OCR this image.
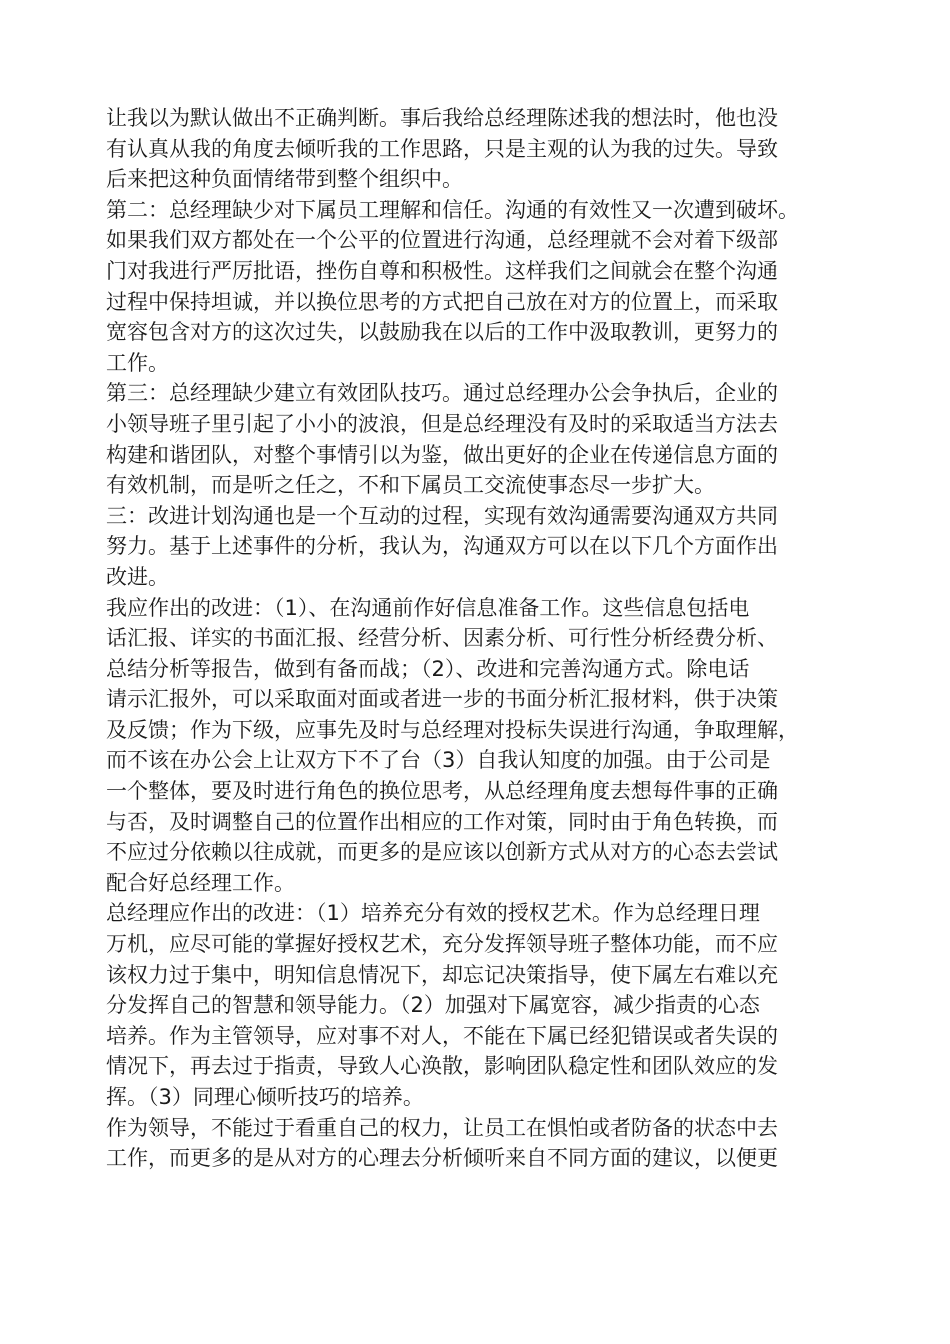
让我以为默认做出不正确判断。事后我给总经理陈述我的想法时，他也没
有认真从我的角度去倾听我的工作思路，只是主观的认为我的过失。导致
后来把这种负面情绪带到整个组织中。
第二：总经理缺少对下属员工理解和信任。沟通的有效性又一次遭到破坏。
如果我们双方都处在一个公平的位置进行沟通，总经理就不会对着下级部
门对我进行严厉批语，挫伤自尊和积极性。这样我们之间就会在整个沟通
过程中保持坦诚，并以换位思考的方式把自己放在对方的位置上，而采取
宽容包含对方的这次过失，以鼓励我在以后的工作中汲取教训，更努力的
工作。
第三：总经理缺少建立有效团队技巧。通过总经理办公会争执后，企业的
小领导班子里引起了小小的波浪，但是总经理没有及时的采取适当方法去
构建和谐团队，对整个事情引以为鉴，做出更好的企业在传递信息方面的
有效机制，而是听之任之，不和下属员工交流使事态尽一步扩大。
三：改进计划沟通也是一个互动的过程，实现有效沟通需要沟通双方共同
努力。基于上述事件的分析，我认为，沟通双方可以在以下几个方面作出
改进。
我应作出的改进：（1）、在沟通前作好信息准备工作。这些信息包括电
话汇报、详实的书面汇报、经营分析、因素分析、可行性分析经费分析、
总结分析等报告，做到有备而战；（2）、改进和完善沟通方式。除电话
请示汇报外，可以采取面对面或者进一步的书面分析汇报材料，供于决策
及反馈；作为下级，应事先及时与总经理对投标失误进行沟通，争取理解，
而不该在办公会上让双方下不了台（3）自我认知度的加强。由于公司是
一个整体，要及时进行角色的换位思考，从总经理角度去想每件事的正确
与否，及时调整自己的位置作出相应的工作对策，同时由于角色转换，而
不应过分依赖以往成就，而更多的是应该以创新方式从对方的心态去尝试
配合好总经理工作。
总经理应作出的改进：（1）培养充分有效的授权艺术。作为总经理日理
万机，应尽可能的掌握好授权艺术，充分发挥领导班子整体功能，而不应
该权力过于集中，明知信息情况下，却忘记决策指导，使下属左右难以充
分发挥自己的智慧和领导能力。（2）加强对下属宽容，减少指责的心态
培养。作为主管领导，应对事不对人，不能在下属已经犯错误或者失误的
情况下，再去过于指责，导致人心涣散，影响团队稳定性和团队效应的发
挥。（3）同理心倾听技巧的培养。
作为领导，不能过于看重自己的权力，让员工在惧怕或者防备的状态中去
工作，而更多的是从对方的心理去分析倾听来自不同方面的建议，以便更
